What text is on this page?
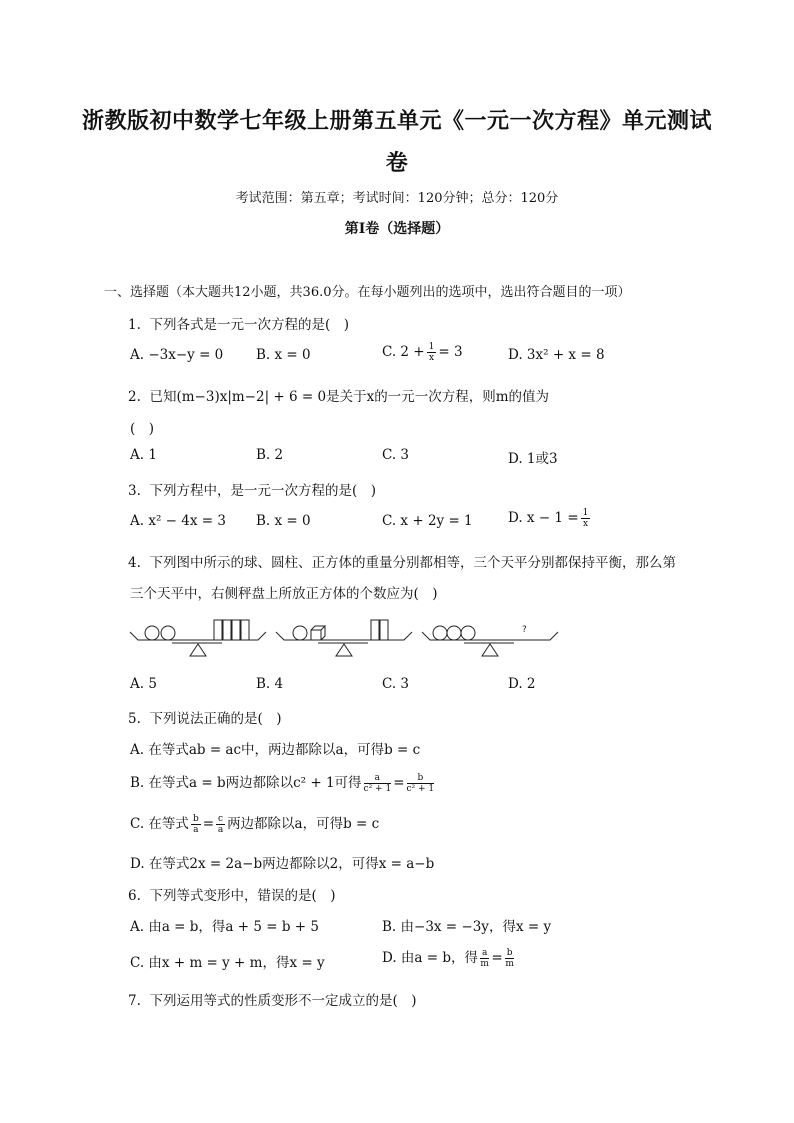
浙教版初中数学七年级上册第五单元《一元一次方程》单元测试
卷
考试范围：第五章；考试时间：120分钟；总分：120分
第I卷（选择题）
一、选择题（本大题共12小题，共36.0分。在每小题列出的选项中，选出符合题目的一项）
1. 下列各式是一元一次方程的是(　)
A. −3x−y = 0 B. x = 0	C. $2 + \frac{1}{x} = 3$	D. 3x² + x = 8
2. 已知(m−3)x|m−2| + 6 = 0是关于x的一元一次方程，则m的值为
(　)
A. 1	B. 2	C. 3	D. 1或3
3. 下列方程中，是一元一次方程的是(　)
A. x² − 4x = 3 B. x = 0	C. x + 2y = 1	D. $x - 1 = \frac{1}{x}$
4. 下列图中所示的球、圆柱、正方体的重量分别都相等，三个天平分别都保持平衡，那么第
三个天平中，右侧秤盘上所放正方体的个数应为(　)
?
A. 5	B. 4	C. 3	D. 2
5. 下列说法正确的是(　)
A. 在等式ab = ac中，两边都除以a，可得b = c
B. 在等式a = b两边都除以c² + 1可得 $\frac{a}{\text{c² + 1}} = \frac{b}{\text{c² + 1}}$
C. 在等式 $\frac{b}{a} = \frac{c}{a}$ 两边都除以a，可得b = c
D. 在等式2x = 2a−b两边都除以2，可得x = a−b
6. 下列等式变形中，错误的是(　)
A. 由a = b，得a + 5 = b + 5	B. 由−3x = −3y，得x = y
C. 由x + m = y + m，得x = y	D. 由a = b，得 $\frac{a}{m} = \frac{b}{m}$
7. 下列运用等式的性质变形不一定成立的是(　)
